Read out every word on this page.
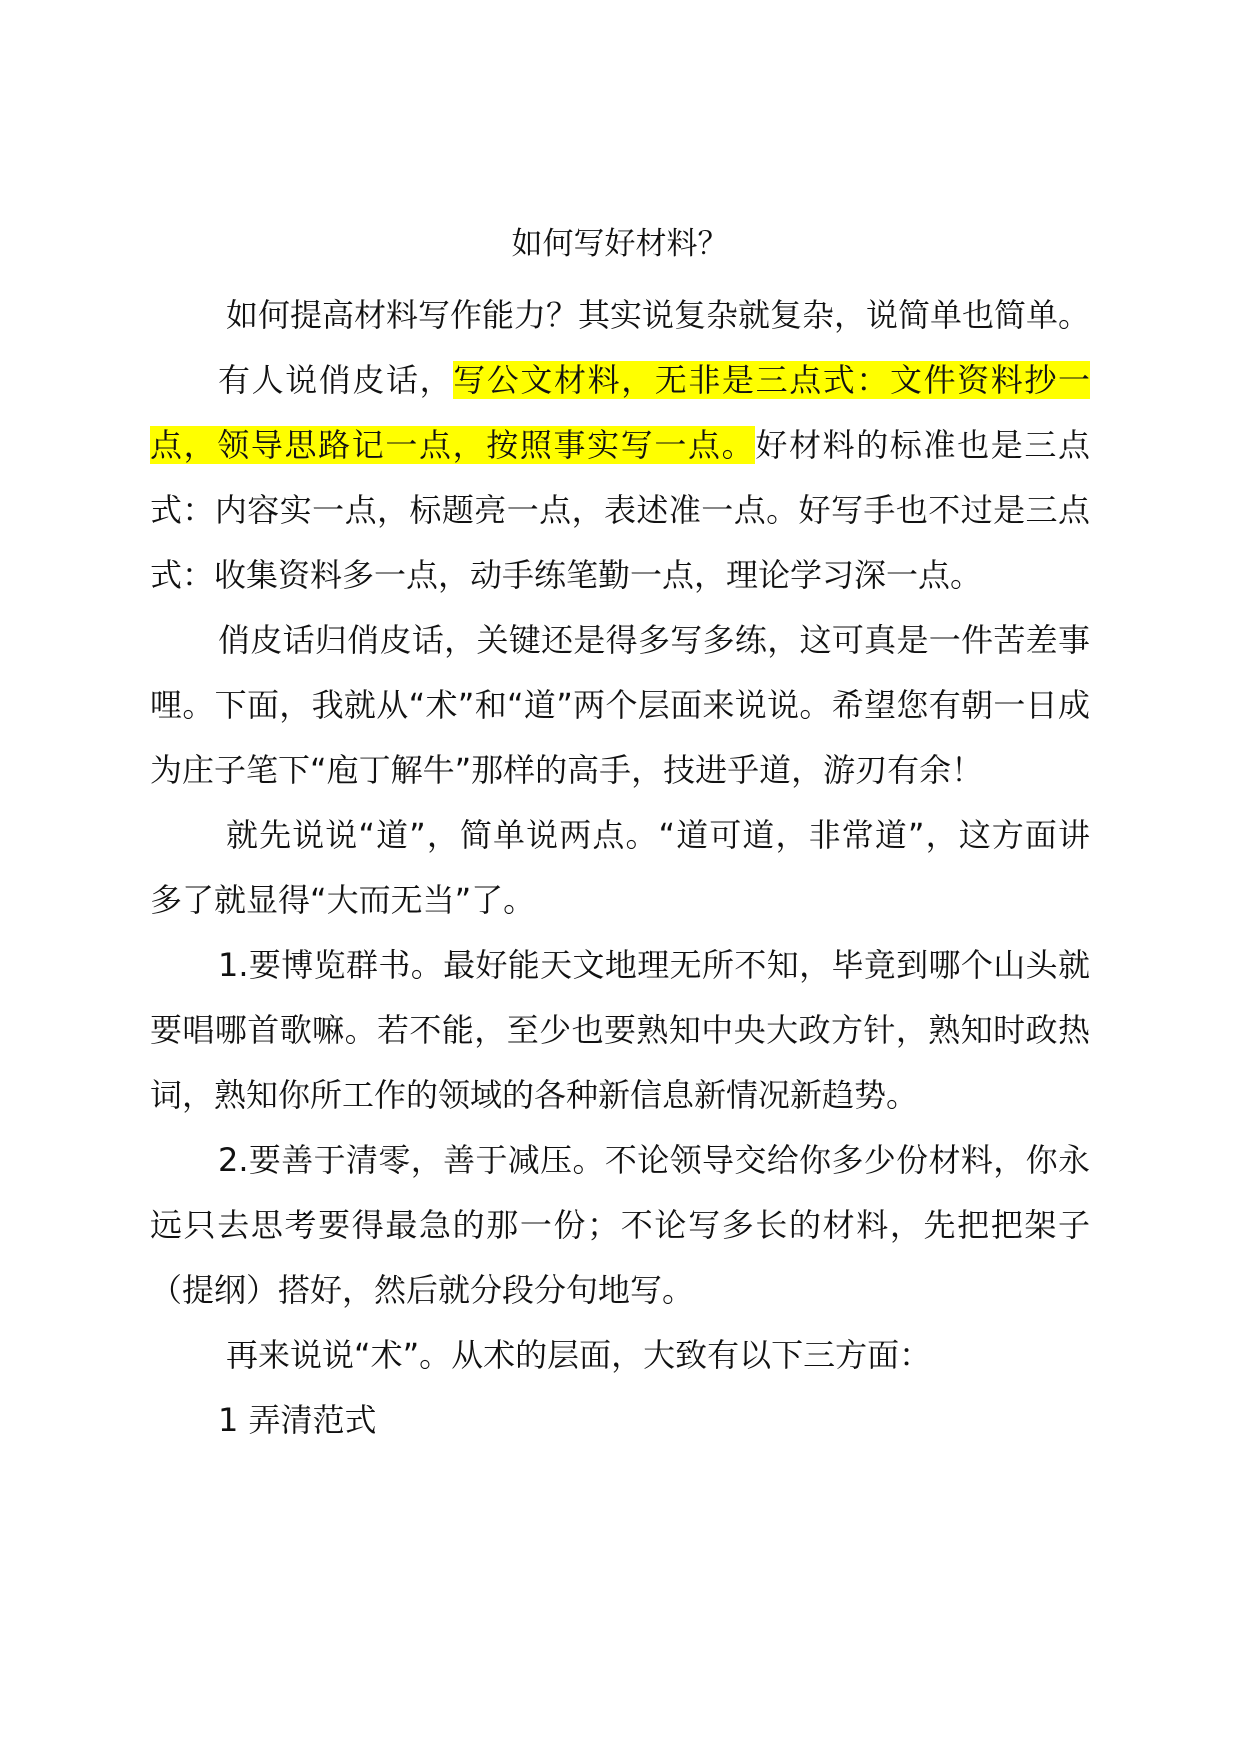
如何写好材料？

如何提高材料写作能力？其实说复杂就复杂，说简单也简单。

有人说俏皮话，写公文材料，无非是三点式：文件资料抄一点，领导思路记一点，按照事实写一点。好材料的标准也是三点式：内容实一点，标题亮一点，表述准一点。好写手也不过是三点式：收集资料多一点，动手练笔勤一点，理论学习深一点。

俏皮话归俏皮话，关键还是得多写多练，这可真是一件苦差事哩。下面，我就从“术”和“道”两个层面来说说。希望您有朝一日成为庄子笔下“庖丁解牛”那样的高手，技进乎道，游刃有余！

就先说说“道”，简单说两点。“道可道，非常道”，这方面讲多了就显得“大而无当”了。

1.要博览群书。最好能天文地理无所不知，毕竟到哪个山头就要唱哪首歌嘛。若不能，至少也要熟知中央大政方针，熟知时政热词，熟知你所工作的领域的各种新信息新情况新趋势。

2.要善于清零，善于减压。不论领导交给你多少份材料，你永远只去思考要得最急的那一份；不论写多长的材料，先把把架子（提纲）搭好，然后就分段分句地写。

再来说说“术”。从术的层面，大致有以下三方面：

1 弄清范式
